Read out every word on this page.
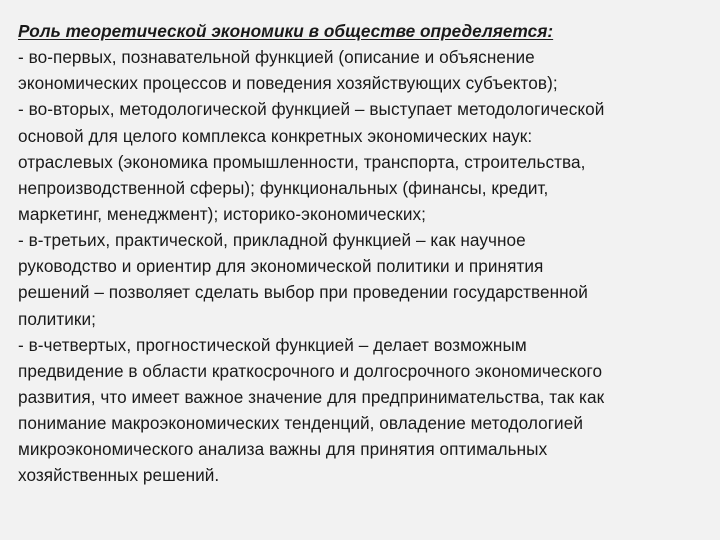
Роль теоретической экономики в обществе определяется:
- во-первых, познавательной функцией (описание и объяснение
экономических процессов и поведения хозяйствующих субъектов);
- во-вторых, методологической функцией – выступает методологической
основой для целого комплекса конкретных экономических наук:
отраслевых (экономика промышленности, транспорта, строительства,
непроизводственной сферы); функциональных (финансы, кредит,
маркетинг, менеджмент); историко-экономических;
- в-третьих, практической, прикладной функцией – как научное
руководство и ориентир для экономической политики и принятия
решений – позволяет сделать выбор при проведении государственной
политики;
- в-четвертых, прогностической функцией – делает возможным
предвидение в области краткосрочного и долгосрочного экономического
развития, что имеет важное значение для предпринимательства, так как
понимание макроэкономических тенденций, овладение методологией
микроэкономического анализа важны для принятия оптимальных
хозяйственных решений.
